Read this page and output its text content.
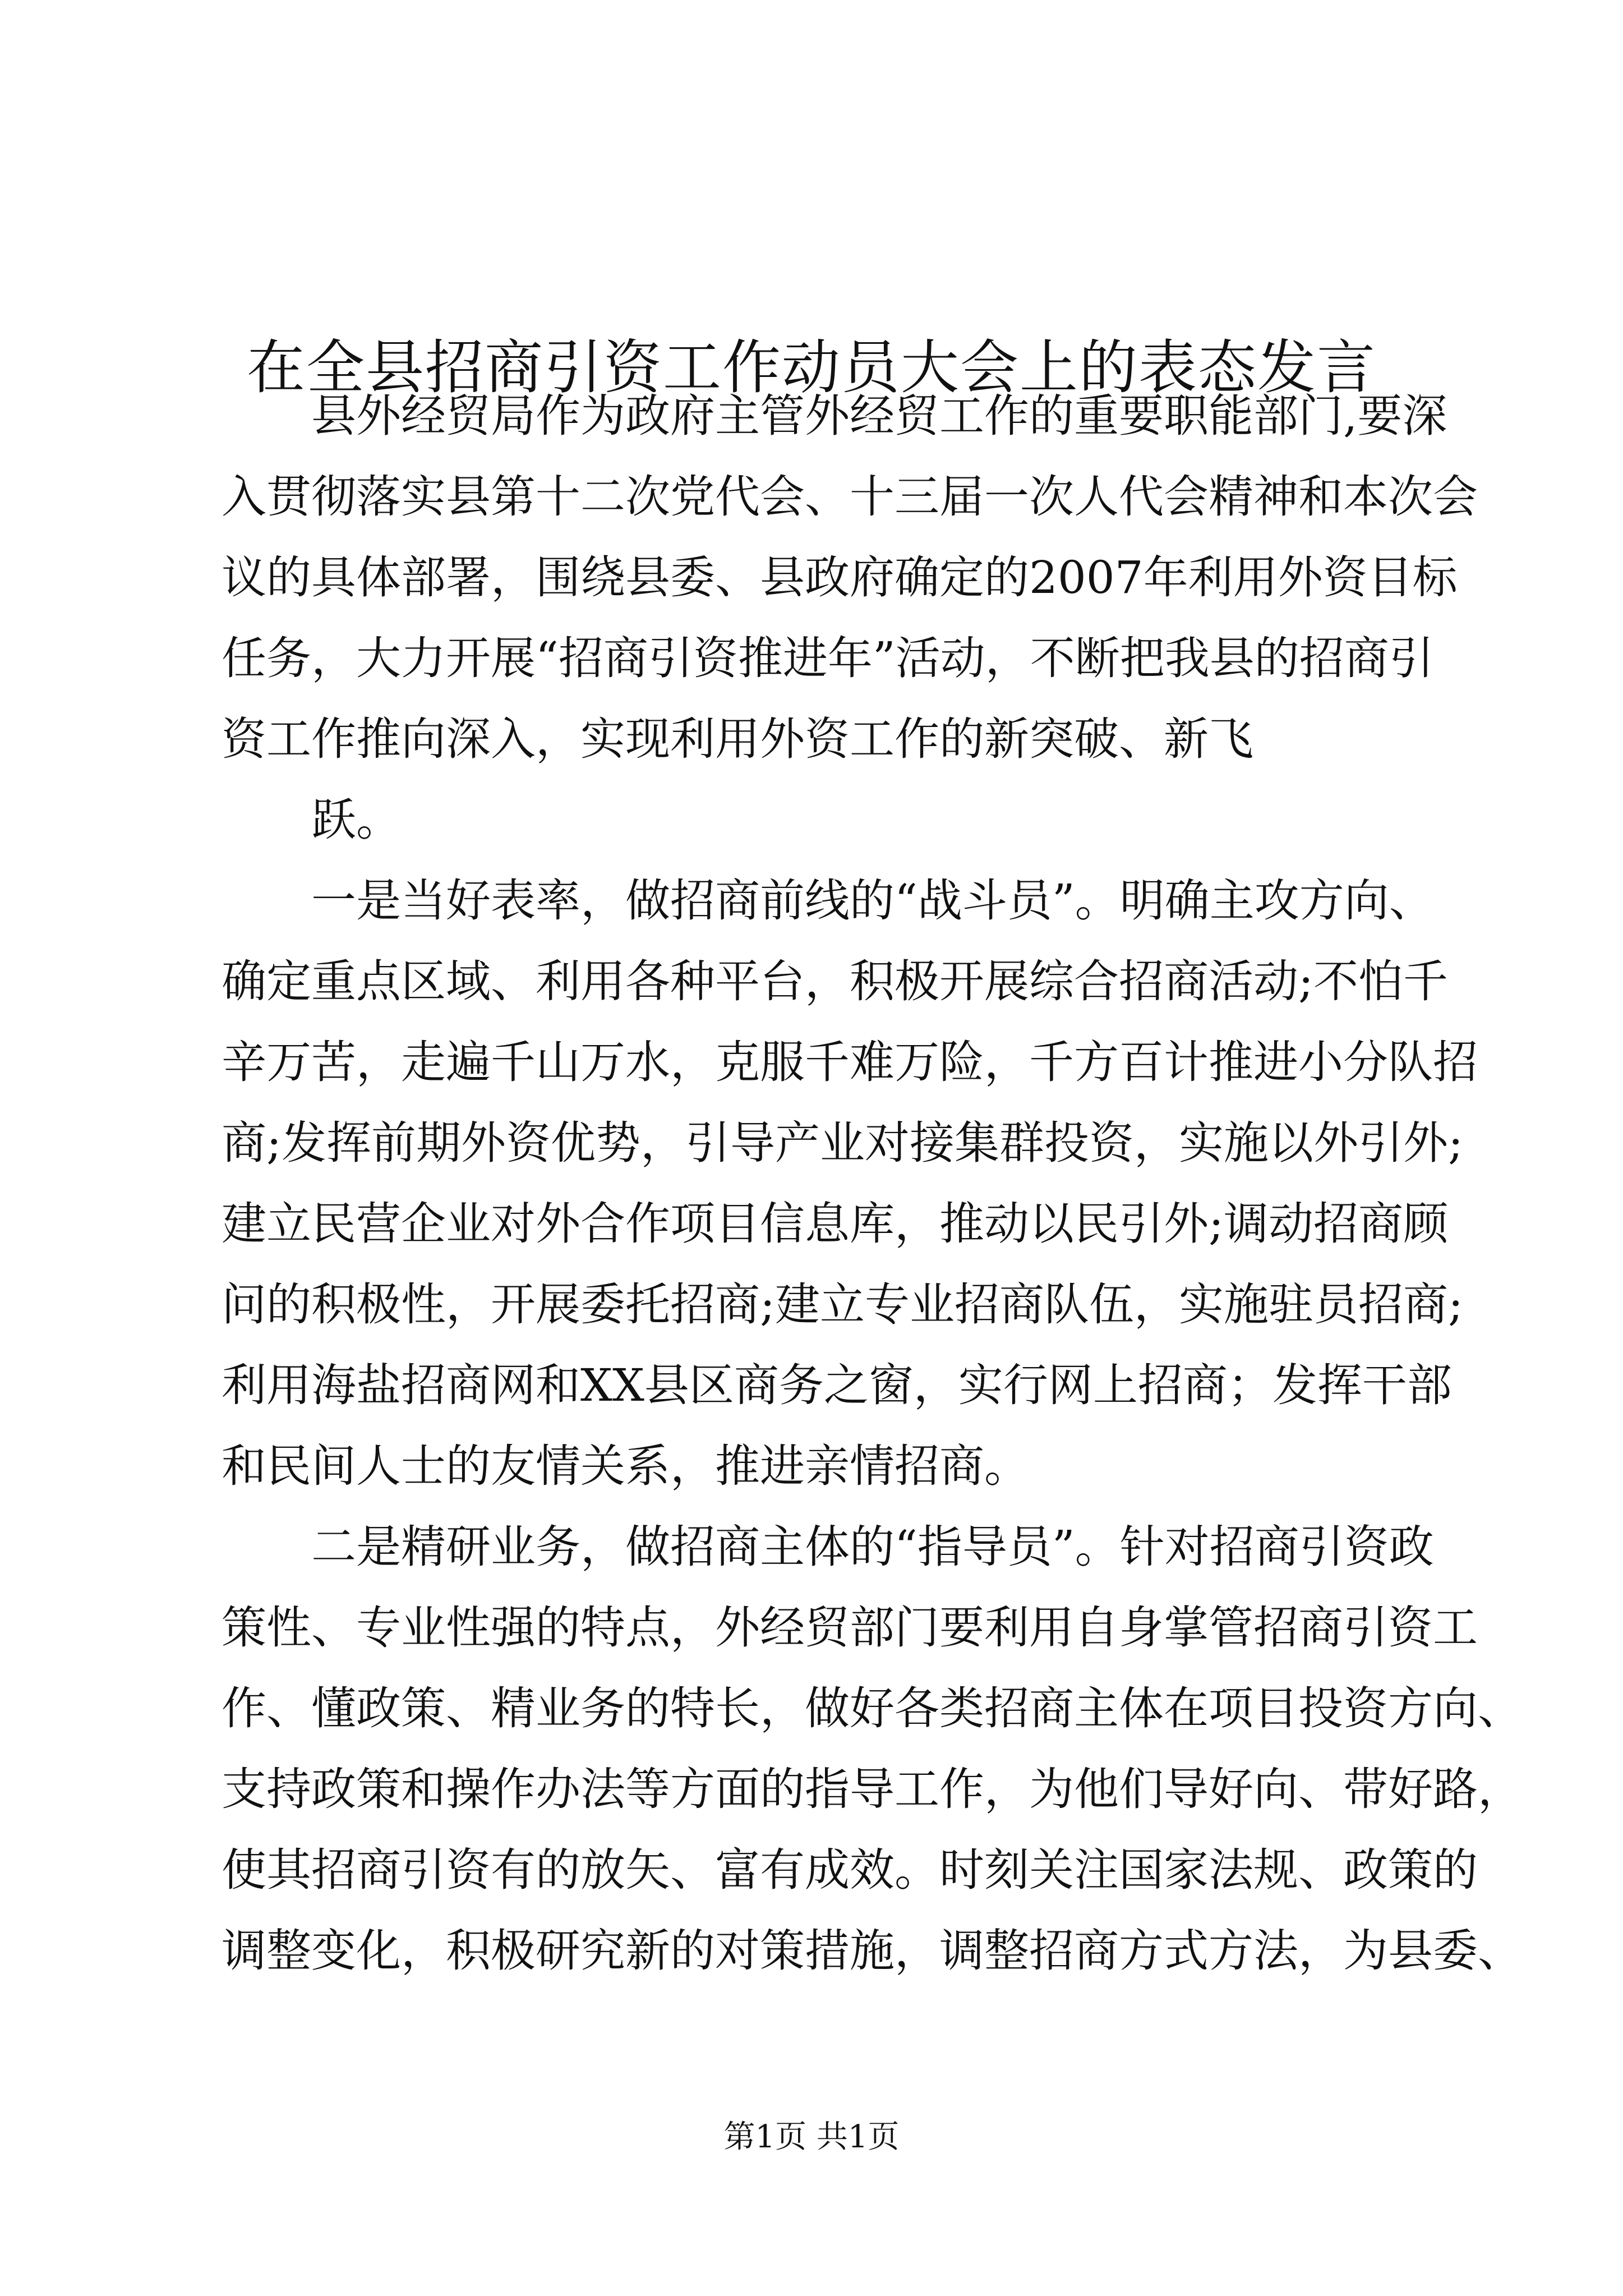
在全县招商引资工作动员大会上的表态发言
县外经贸局作为政府主管外经贸工作的重要职能部门,要深
入贯彻落实县第十二次党代会、十三届一次人代会精神和本次会
议的具体部署，围绕县委、县政府确定的2007年利用外资目标
任务，大力开展“招商引资推进年”活动，不断把我县的招商引
资工作推向深入，实现利用外资工作的新突破、新飞
跃。
一是当好表率，做招商前线的“战斗员”。明确主攻方向、
确定重点区域、利用各种平台，积极开展综合招商活动;不怕千
辛万苦，走遍千山万水，克服千难万险，千方百计推进小分队招
商;发挥前期外资优势，引导产业对接集群投资，实施以外引外;
建立民营企业对外合作项目信息库，推动以民引外;调动招商顾
问的积极性，开展委托招商;建立专业招商队伍，实施驻员招商;
利用海盐招商网和XX县区商务之窗，实行网上招商；发挥干部
和民间人士的友情关系，推进亲情招商。
二是精研业务，做招商主体的“指导员”。针对招商引资政
策性、专业性强的特点，外经贸部门要利用自身掌管招商引资工
作、懂政策、精业务的特长，做好各类招商主体在项目投资方向、
支持政策和操作办法等方面的指导工作，为他们导好向、带好路，
使其招商引资有的放矢、富有成效。时刻关注国家法规、政策的
调整变化，积极研究新的对策措施，调整招商方式方法，为县委、
第1页 共1页
